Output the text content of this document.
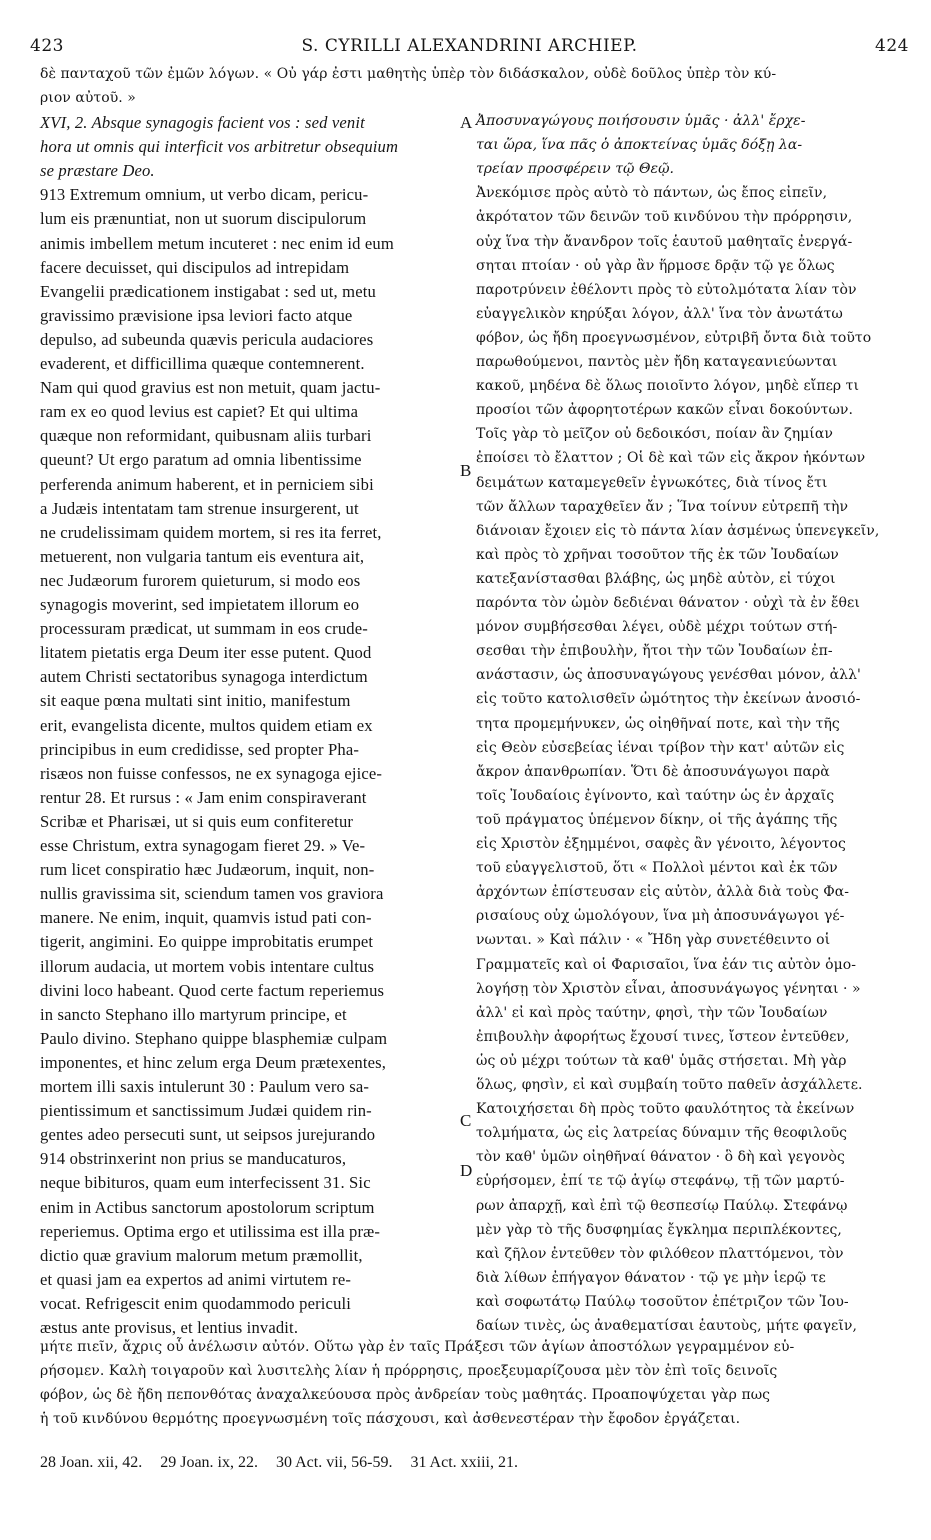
423	S. CYRILLI ALEXANDRINI ARCHIEP.	424
δὲ πανταχοῦ τῶν ἐμῶν λόγων. « Οὐ γάρ ἐστι μαθητὴς ὑπὲρ τὸν διδάσκαλον, οὐδὲ δοῦλος ὑπὲρ τὸν κύ-
ριον αὐτοῦ. »
XVI, 2. Absque synagogis facient vos : sed venit
hora ut omnis qui interficit vos arbitretur obsequium
se præstare Deo.
913 Extremum omnium, ut verbo dicam, pericu-
lum eis prænuntiat, non ut suorum discipulorum
animis imbellem metum incuteret : nec enim id eum
facere decuisset, qui discipulos ad intrepidam
Evangelii prædicationem instigabat : sed ut, metu
gravissimo prævisione ipsa leviori facto atque
depulso, ad subeunda quævis pericula audaciores
evaderent, et difficillima quæque contemnerent.
Nam qui quod gravius est non metuit, quam jactu-
ram ex eo quod levius est capiet? Et qui ultima
quæque non reformidant, quibusnam aliis turbari
queunt? Ut ergo paratum ad omnia libentissime
perferenda animum haberent, et in perniciem sibi
a Judæis intentatam tam strenue insurgerent, ut
ne crudelissimam quidem mortem, si res ita ferret,
metuerent, non vulgaria tantum eis eventura ait,
nec Judæorum furorem quieturum, si modo eos
synagogis moverint, sed impietatem illorum eo
processuram prædicat, ut summam in eos crude-
litatem pietatis erga Deum iter esse putent. Quod
autem Christi sectatoribus synagoga interdictum
sit eaque pœna multati sint initio, manifestum
erit, evangelista dicente, multos quidem etiam ex
principibus in eum credidisse, sed propter Pha-
risæos non fuisse confessos, ne ex synagoga ejice-
rentur 28. Et rursus : « Jam enim conspiraverant
Scribæ et Pharisæi, ut si quis eum confiteretur
esse Christum, extra synagogam fieret 29. » Ve-
rum licet conspiratio hæc Judæorum, inquit, non-
nullis gravissima sit, sciendum tamen vos graviora
manere. Ne enim, inquit, quamvis istud pati con-
tigerit, angimini. Eo quippe improbitatis erumpet
illorum audacia, ut mortem vobis intentare cultus
divini loco habeant. Quod certe factum reperiemus
in sancto Stephano illo martyrum principe, et
Paulo divino. Stephano quippe blasphemiæ culpam
imponentes, et hinc zelum erga Deum prætexentes,
mortem illi saxis intulerunt 30 : Paulum vero sa-
pientissimum et sanctissimum Judæi quidem rin-
gentes adeo persecuti sunt, ut seipsos jurejurando
914 obstrinxerint non prius se manducaturos,
neque bibituros, quam eum interfecissent 31. Sic
enim in Actibus sanctorum apostolorum scriptum
reperiemus. Optima ergo et utilissima est illa præ-
dictio quæ gravium malorum metum præmollit,
et quasi jam ea expertos ad animi virtutem re-
vocat. Refrigescit enim quodammodo periculi
æstus ante provisus, et lentius invadit.
Ἀποσυναγώγους ποιήσουσιν ὑμᾶς · ἀλλ' ἔρχε-
ται ὥρα, ἵνα πᾶς ὁ ἀποκτείνας ὑμᾶς δόξῃ λα-
τρείαν προσφέρειν τῷ Θεῷ.
Ἀνεκόμισε πρὸς αὐτὸ τὸ πάντων, ὡς ἔπος εἰπεῖν,
ἀκρότατον τῶν δεινῶν τοῦ κινδύνου τὴν πρόρρησιν,
οὐχ ἵνα τὴν ἄνανδρον τοῖς ἑαυτοῦ μαθηταῖς ἐνεργά-
σηται πτοίαν · οὐ γὰρ ἂν ἥρμοσε δρᾷν τῷ γε ὅλως
παροτρύνειν ἐθέλοντι πρὸς τὸ εὐτολμότατα λίαν τὸν
εὐαγγελικὸν κηρύξαι λόγον, ἀλλ' ἵνα τὸν ἀνωτάτω
φόβον, ὡς ἤδη προεγνωσμένον, εὐτριβῆ ὄντα διὰ τοῦτο
παρωθούμενοι, παντὸς μὲν ἤδη καταγεανιεύωνται
κακοῦ, μηδένα δὲ ὅλως ποιοῖντο λόγον, μηδὲ εἴπερ τι
προσίοι τῶν ἀφορητοτέρων κακῶν εἶναι δοκούντων.
Τοῖς γὰρ τὸ μεῖζον οὐ δεδοικόσι, ποίαν ἂν ζημίαν
ἐποίσει τὸ ἔλαττον ; Οἱ δὲ καὶ τῶν εἰς ἄκρον ἡκόντων
δειμάτων καταμεγεθεῖν ἐγνωκότες, διὰ τίνος ἔτι
τῶν ἄλλων ταραχθεῖεν ἄν ; Ἵνα τοίνυν εὐτρεπῆ τὴν
διάνοιαν ἔχοιεν εἰς τὸ πάντα λίαν ἀσμένως ὑπενεγκεῖν,
καὶ πρὸς τὸ χρῆναι τοσοῦτον τῆς ἐκ τῶν Ἰουδαίων
κατεξανίστασθαι βλάβης, ὡς μηδὲ αὐτὸν, εἰ τύχοι
παρόντα τὸν ὠμὸν δεδιέναι θάνατον · οὐχὶ τὰ ἐν ἔθει
μόνον συμβήσεσθαι λέγει, οὐδὲ μέχρι τούτων στή-
σεσθαι τὴν ἐπιβουλὴν, ἤτοι τὴν τῶν Ἰουδαίων ἐπ-
ανάστασιν, ὡς ἀποσυναγώγους γενέσθαι μόνον, ἀλλ'
εἰς τοῦτο κατολισθεῖν ὠμότητος τὴν ἐκείνων ἀνοσιό-
τητα προμεμήνυκεν, ὡς οἰηθῆναί ποτε, καὶ τὴν τῆς
εἰς Θεὸν εὐσεβείας ἰέναι τρίβον τὴν κατ' αὐτῶν εἰς
ἄκρον ἀπανθρωπίαν. Ὅτι δὲ ἀποσυνάγωγοι παρὰ
τοῖς Ἰουδαίοις ἐγίνοντο, καὶ ταύτην ὡς ἐν ἀρχαῖς
τοῦ πράγματος ὑπέμενον δίκην, οἱ τῆς ἀγάπης τῆς
εἰς Χριστὸν ἐξημμένοι, σαφὲς ἂν γένοιτο, λέγοντος
τοῦ εὐαγγελιστοῦ, ὅτι « Πολλοὶ μέντοι καὶ ἐκ τῶν
ἀρχόντων ἐπίστευσαν εἰς αὐτὸν, ἀλλὰ διὰ τοὺς Φα-
ρισαίους οὐχ ὡμολόγουν, ἵνα μὴ ἀποσυνάγωγοι γέ-
νωνται. » Καὶ πάλιν · « Ἤδη γὰρ συνετέθειντο οἱ
Γραμματεῖς καὶ οἱ Φαρισαῖοι, ἵνα ἐάν τις αὐτὸν ὁμο-
λογήσῃ τὸν Χριστὸν εἶναι, ἀποσυνάγωγος γένηται · »
ἀλλ' εἰ καὶ πρὸς ταύτην, φησὶ, τὴν τῶν Ἰουδαίων
ἐπιβουλὴν ἀφορήτως ἔχουσί τινες, ἴστεον ἐντεῦθεν,
ὡς οὐ μέχρι τούτων τὰ καθ' ὑμᾶς στήσεται. Μὴ γὰρ
ὅλως, φησὶν, εἰ καὶ συμβαίη τοῦτο παθεῖν ἀσχάλλετε.
Κατοιχήσεται δὴ πρὸς τοῦτο φαυλότητος τὰ ἐκείνων
τολμήματα, ὡς εἰς λατρείας δύναμιν τῆς θεοφιλοῦς
τὸν καθ' ὑμῶν οἰηθῆναί θάνατον · ὃ δὴ καὶ γεγονὸς
εὑρήσομεν, ἐπί τε τῷ ἁγίῳ στεφάνῳ, τῇ τῶν μαρτύ-
ρων ἀπαρχῇ, καὶ ἐπὶ τῷ θεσπεσίῳ Παύλῳ. Στεφάνῳ
μὲν γὰρ τὸ τῆς δυσφημίας ἔγκλημα περιπλέκοντες,
καὶ ζῆλον ἐντεῦθεν τὸν φιλόθεον πλαττόμενοι, τὸν
διὰ λίθων ἐπήγαγον θάνατον · τῷ γε μὴν ἱερῷ τε
καὶ σοφωτάτῳ Παύλῳ τοσοῦτον ἐπέτριζον τῶν Ἰου-
δαίων τινὲς, ὡς ἀναθεματίσαι ἑαυτοὺς, μήτε φαγεῖν,
A
B
C
D
μήτε πιεῖν, ἄχρις οὗ ἀνέλωσιν αὐτόν. Οὕτω γὰρ ἐν ταῖς Πράξεσι τῶν ἁγίων ἀποστόλων γεγραμμένον εὑ-
ρήσομεν. Καλὴ τοιγαροῦν καὶ λυσιτελὴς λίαν ἡ πρόρρησις, προεξευμαρίζουσα μὲν τὸν ἐπὶ τοῖς δεινοῖς
φόβον, ὡς δὲ ἤδη πεπονθότας ἀναχαλκεύουσα πρὸς ἀνδρείαν τοὺς μαθητάς. Προαποψύχεται γὰρ πως
ἡ τοῦ κινδύνου θερμότης προεγνωσμένη τοῖς πάσχουσι, καὶ ἀσθενεστέραν τὴν ἔφοδον ἐργάζεται.
28 Joan. xii, 42. 29 Joan. ix, 22. 30 Act. vii, 56-59. 31 Act. xxiii, 21.
